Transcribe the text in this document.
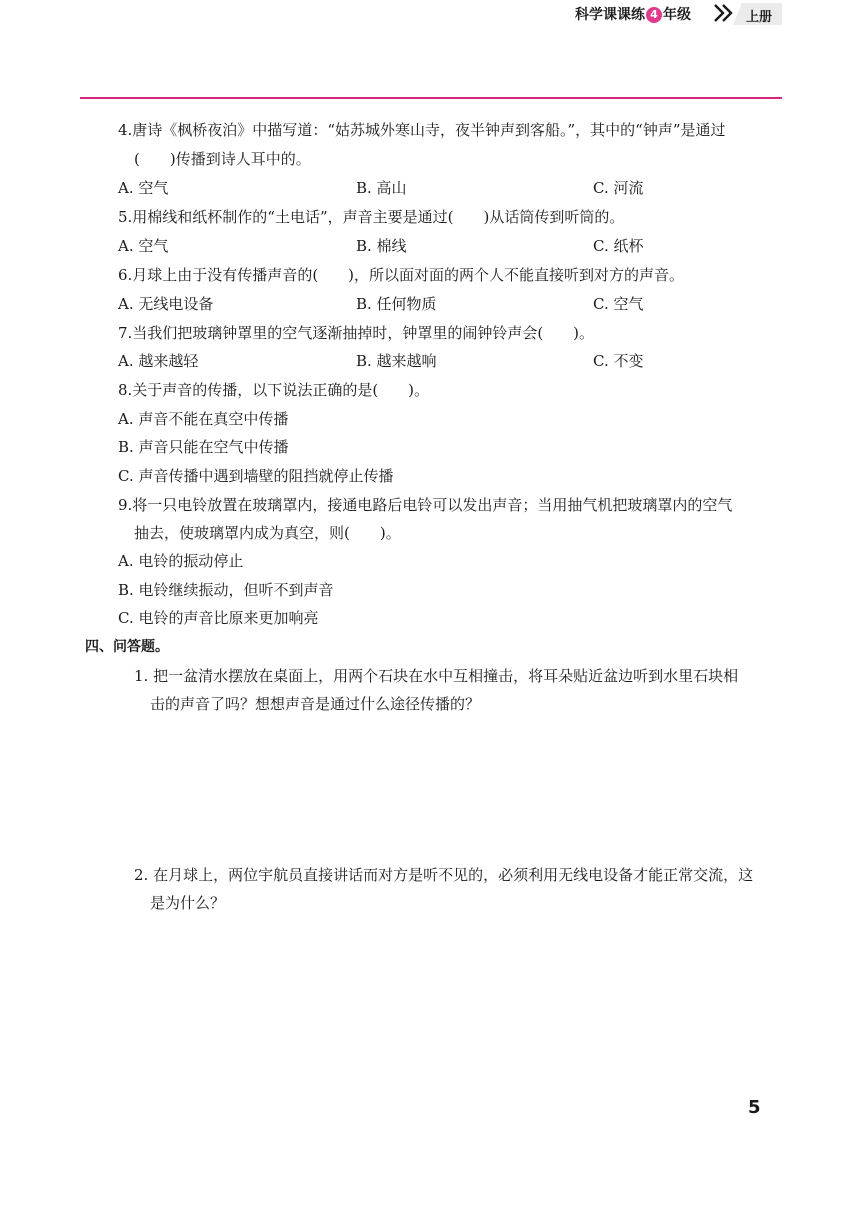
科学课课练 4 年级	上册
4.唐诗《枫桥夜泊》中描写道：“姑苏城外寒山寺，夜半钟声到客船。”，其中的“钟声”是通过
(　　)传播到诗人耳中的。
A. 空气	B. 高山	C. 河流
5.用棉线和纸杯制作的“土电话”，声音主要是通过(　　)从话筒传到听筒的。
A. 空气	B. 棉线	C. 纸杯
6.月球上由于没有传播声音的(　　)，所以面对面的两个人不能直接听到对方的声音。
A. 无线电设备	B. 任何物质	C. 空气
7.当我们把玻璃钟罩里的空气逐渐抽掉时，钟罩里的闹钟铃声会(　　)。
A. 越来越轻	B. 越来越响	C. 不变
8.关于声音的传播，以下说法正确的是(　　)。
A. 声音不能在真空中传播
B. 声音只能在空气中传播
C. 声音传播中遇到墙壁的阻挡就停止传播
9.将一只电铃放置在玻璃罩内，接通电路后电铃可以发出声音；当用抽气机把玻璃罩内的空气
抽去，使玻璃罩内成为真空，则(　　)。
A. 电铃的振动停止
B. 电铃继续振动，但听不到声音
C. 电铃的声音比原来更加响亮
四、问答题。
1. 把一盆清水摆放在桌面上，用两个石块在水中互相撞击，将耳朵贴近盆边听到水里石块相
击的声音了吗？想想声音是通过什么途径传播的？
2. 在月球上，两位宇航员直接讲话而对方是听不见的，必须利用无线电设备才能正常交流，这
是为什么？
5
